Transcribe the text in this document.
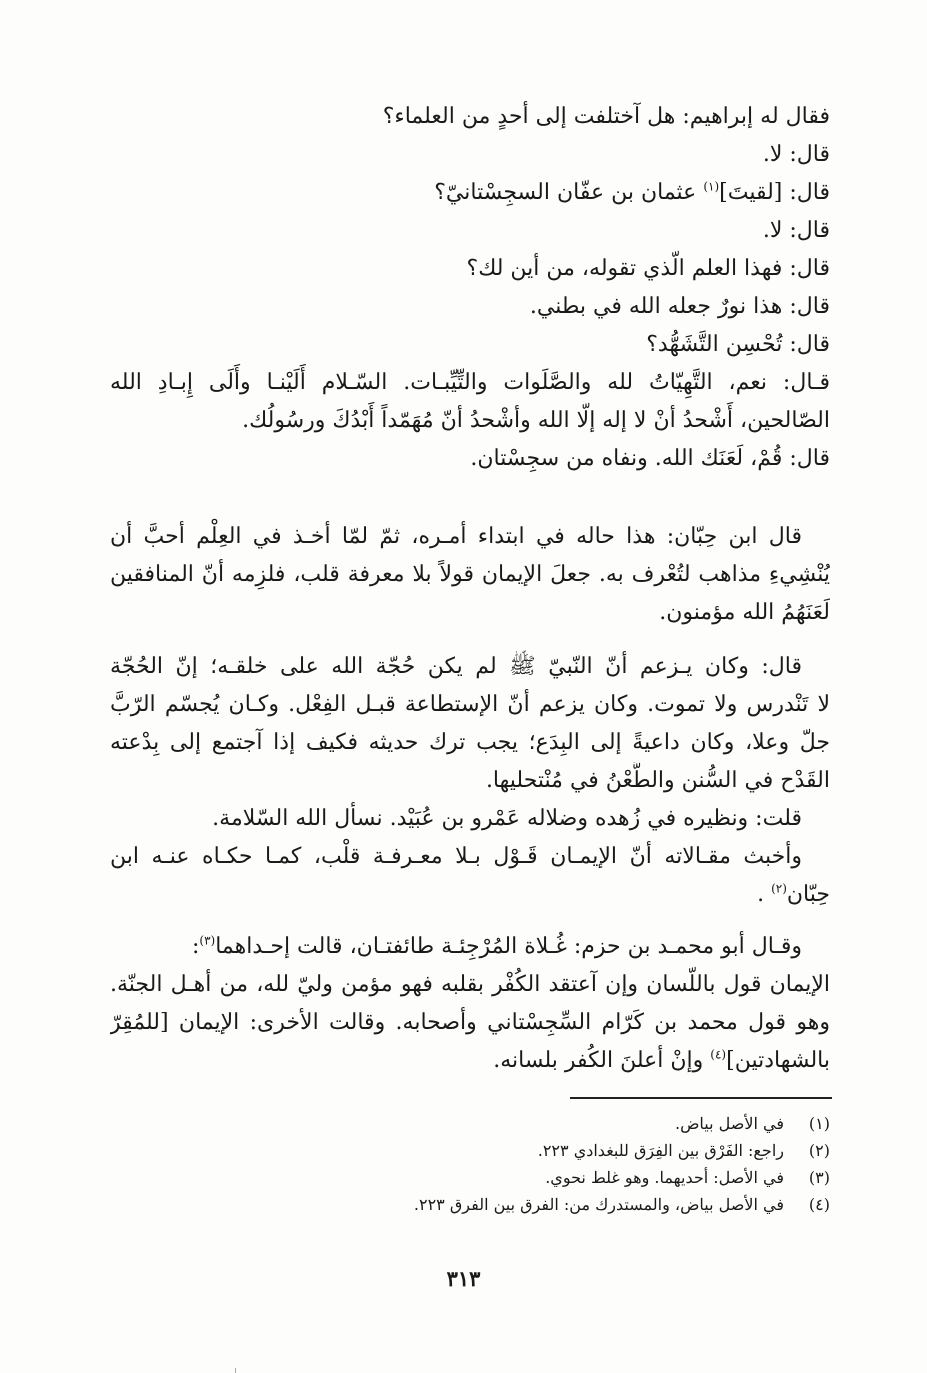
فقال له إبراهيم: هل آختلفت إلى أحدٍ من العلماء؟
قال: لا.
قال: [لقيتَ]$^{(١)}$ عثمان بن عفّان السجِسْتانيّ؟
قال: لا.
قال: فهذا العلم الّذي تقوله، من أين لك؟
قال: هذا نورٌ جعله الله في بطني.
قال: تُحْسِن التَّشَهُّد؟
قـال: نعم، التَّهِيّاتُ لله والصَّلَوات والتِّيِّبـات. السّـلام أَلَيْنـا وأَلَى إِبـادِ الله
الصّالحين، أَشْحدُ أنْ لا إله إلّا الله وأشْحدُ أنّ مُهَمّداً أَبْدُكَ ورسُولُك.
قال: قُمْ، لَعَنَك الله. ونفاه من سجِسْتان.
قال ابن حِبّان: هذا حاله في ابتداء أمـره، ثمّ لمّا أخـذ في العِلْم أحبَّ أن
يُنْشِيءِ مذاهب لتُعْرف به. جعلَ الإيمان قولاً بلا معرفة قلب، فلزِمه أنّ المنافقين
لَعَنَهُمُ الله مؤمنون.
قال: وكان يـزعم أنّ النّبيّ ﷺ لم يكن حُجّة الله على خلقـه؛ إنّ الحُجّة
لا تَنْدرس ولا تموت. وكان يزعم أنّ الإستطاعة قبـل الفِعْل. وكـان يُجسّم الرّبَّ
جلّ وعلا، وكان داعيةً إلى البِدَع؛ يجب ترك حديثه فكيف إذا آجتمع إلى بِدْعته
القَدْح في السُّنن والطَّعْنُ في مُنْتحليها.
قلت: ونظيره في زُهده وضلاله عَمْرو بن عُبَيْد. نسأل الله السّلامة.
وأخبث مقـالاته أنّ الإيمـان قَـوْل بـلا معـرفـة قلْب، كمـا حكـاه عنـه ابن
حِبّان$^{(٢)}$ .
وقـال أبو محمـد بن حزم: غُـلاة المُرْجِئـة طائفتـان، قالت إحـداهما$^{(٣)}$:
الإيمان قول باللّسان وإن آعتقد الكُفْر بقلبه فهو مؤمن وليّ لله، من أهـل الجنّة.
وهو قول محمد بن كَرّام السِّجِسْتاني وأصحابه. وقالت الأخرى: الإيمان [للمُقِرّ
بالشهادتين]$^{(٤)}$ وإنْ أعلنَ الكُفر بلسانه.
(١)في الأصل بياض.
(٢)راجع: الفَرْق بين الفِرَق للبغدادي ٢٢٣.
(٣)في الأصل: أحديهما. وهو غلط نحوي.
(٤)في الأصل بياض، والمستدرك من: الفرق بين الفرق ٢٢٣.
٣١٣
